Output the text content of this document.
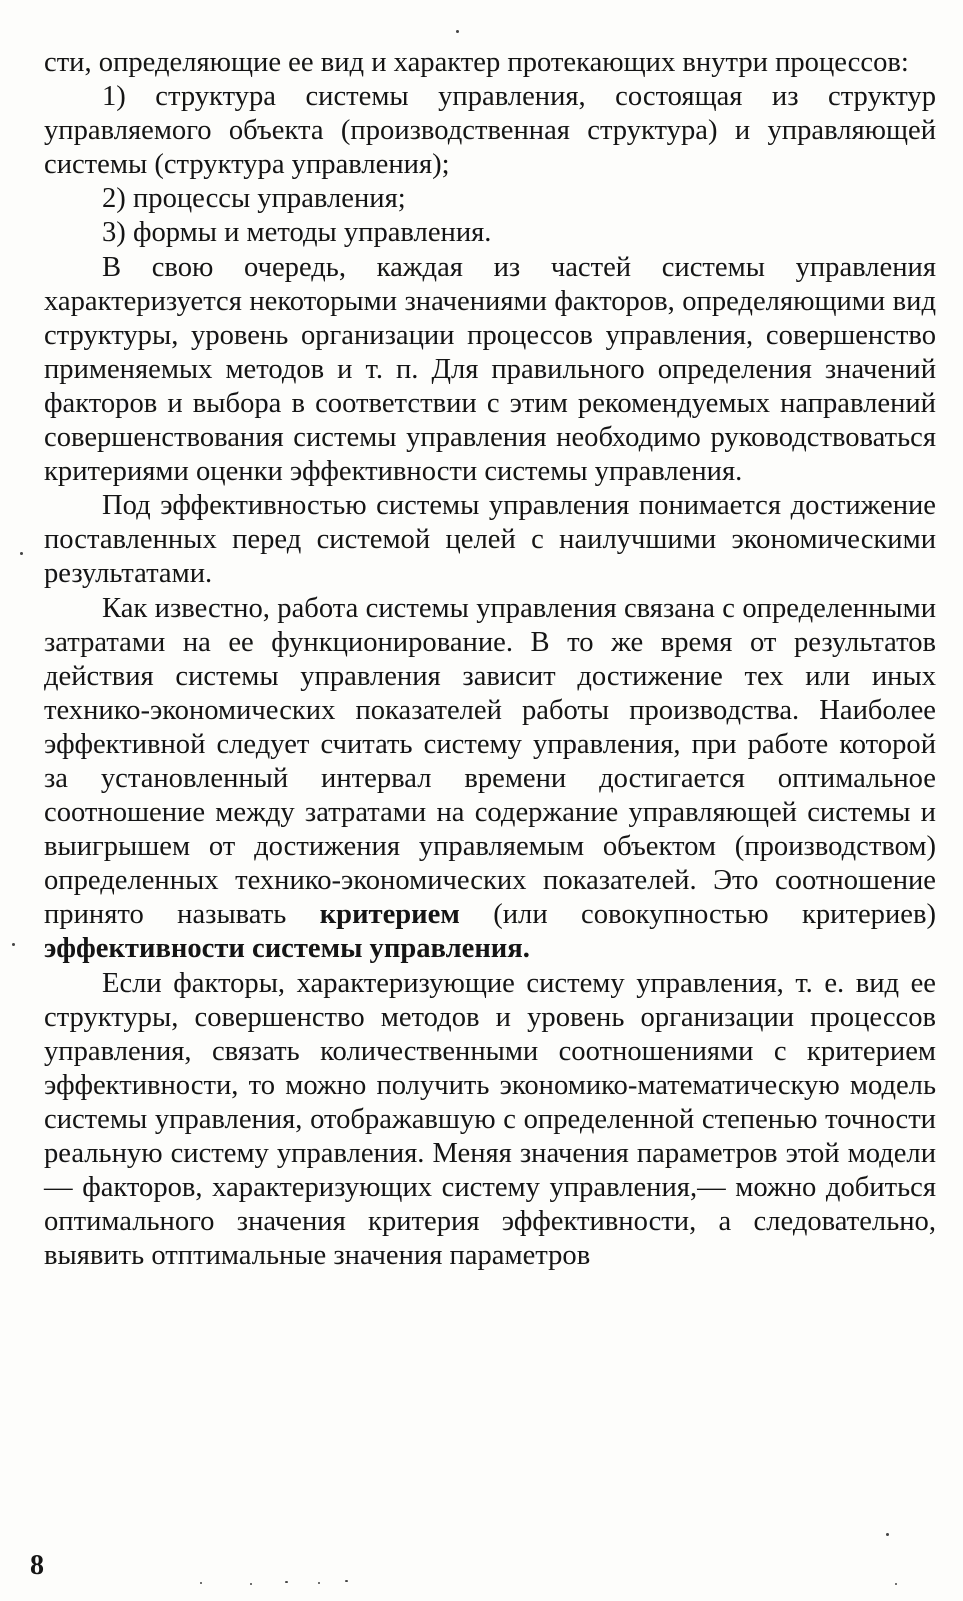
сти, определяющие ее вид и характер протекающих внутри процессов:

1) структура системы управления, состоящая из структур управляемого объекта (производственная структура) и управляющей системы (структура управления);

2) процессы управления;

3) формы и методы управления.

В свою очередь, каждая из частей системы управления характеризуется некоторыми значениями факторов, определяющими вид структуры, уровень организации процессов управления, совершенство применяемых методов и т. п. Для правильного определения значений факторов и выбора в соответствии с этим рекомендуемых направлений совершенствования системы управления необходимо руководствоваться критериями оценки эффективности системы управления.

Под эффективностью системы управления понимается достижение поставленных перед системой целей с наилучшими экономическими результатами.

Как известно, работа системы управления связана с определенными затратами на ее функционирование. В то же время от результатов действия системы управления зависит достижение тех или иных технико-экономических показателей работы производства. Наиболее эффективной следует считать систему управления, при работе которой за установленный интервал времени достигается оптимальное соотношение между затратами на содержание управляющей системы и выигрышем от достижения управляемым объектом (производством) определенных технико-экономических показателей. Это соотношение принято называть критерием (или совокупностью критериев) эффективности системы управления.

Если факторы, характеризующие систему управления, т. е. вид ее структуры, совершенство методов и уровень организации процессов управления, связать количественными соотношениями с критерием эффективности, то можно получить экономико-математическую модель системы управления, отображавшую с определенной степенью точности реальную систему управления. Меняя значения параметров этой модели — факторов, характеризующих систему управления,— можно добиться оптимального значения критерия эффективности, а следовательно, выявить отптимальные значения параметров

8
